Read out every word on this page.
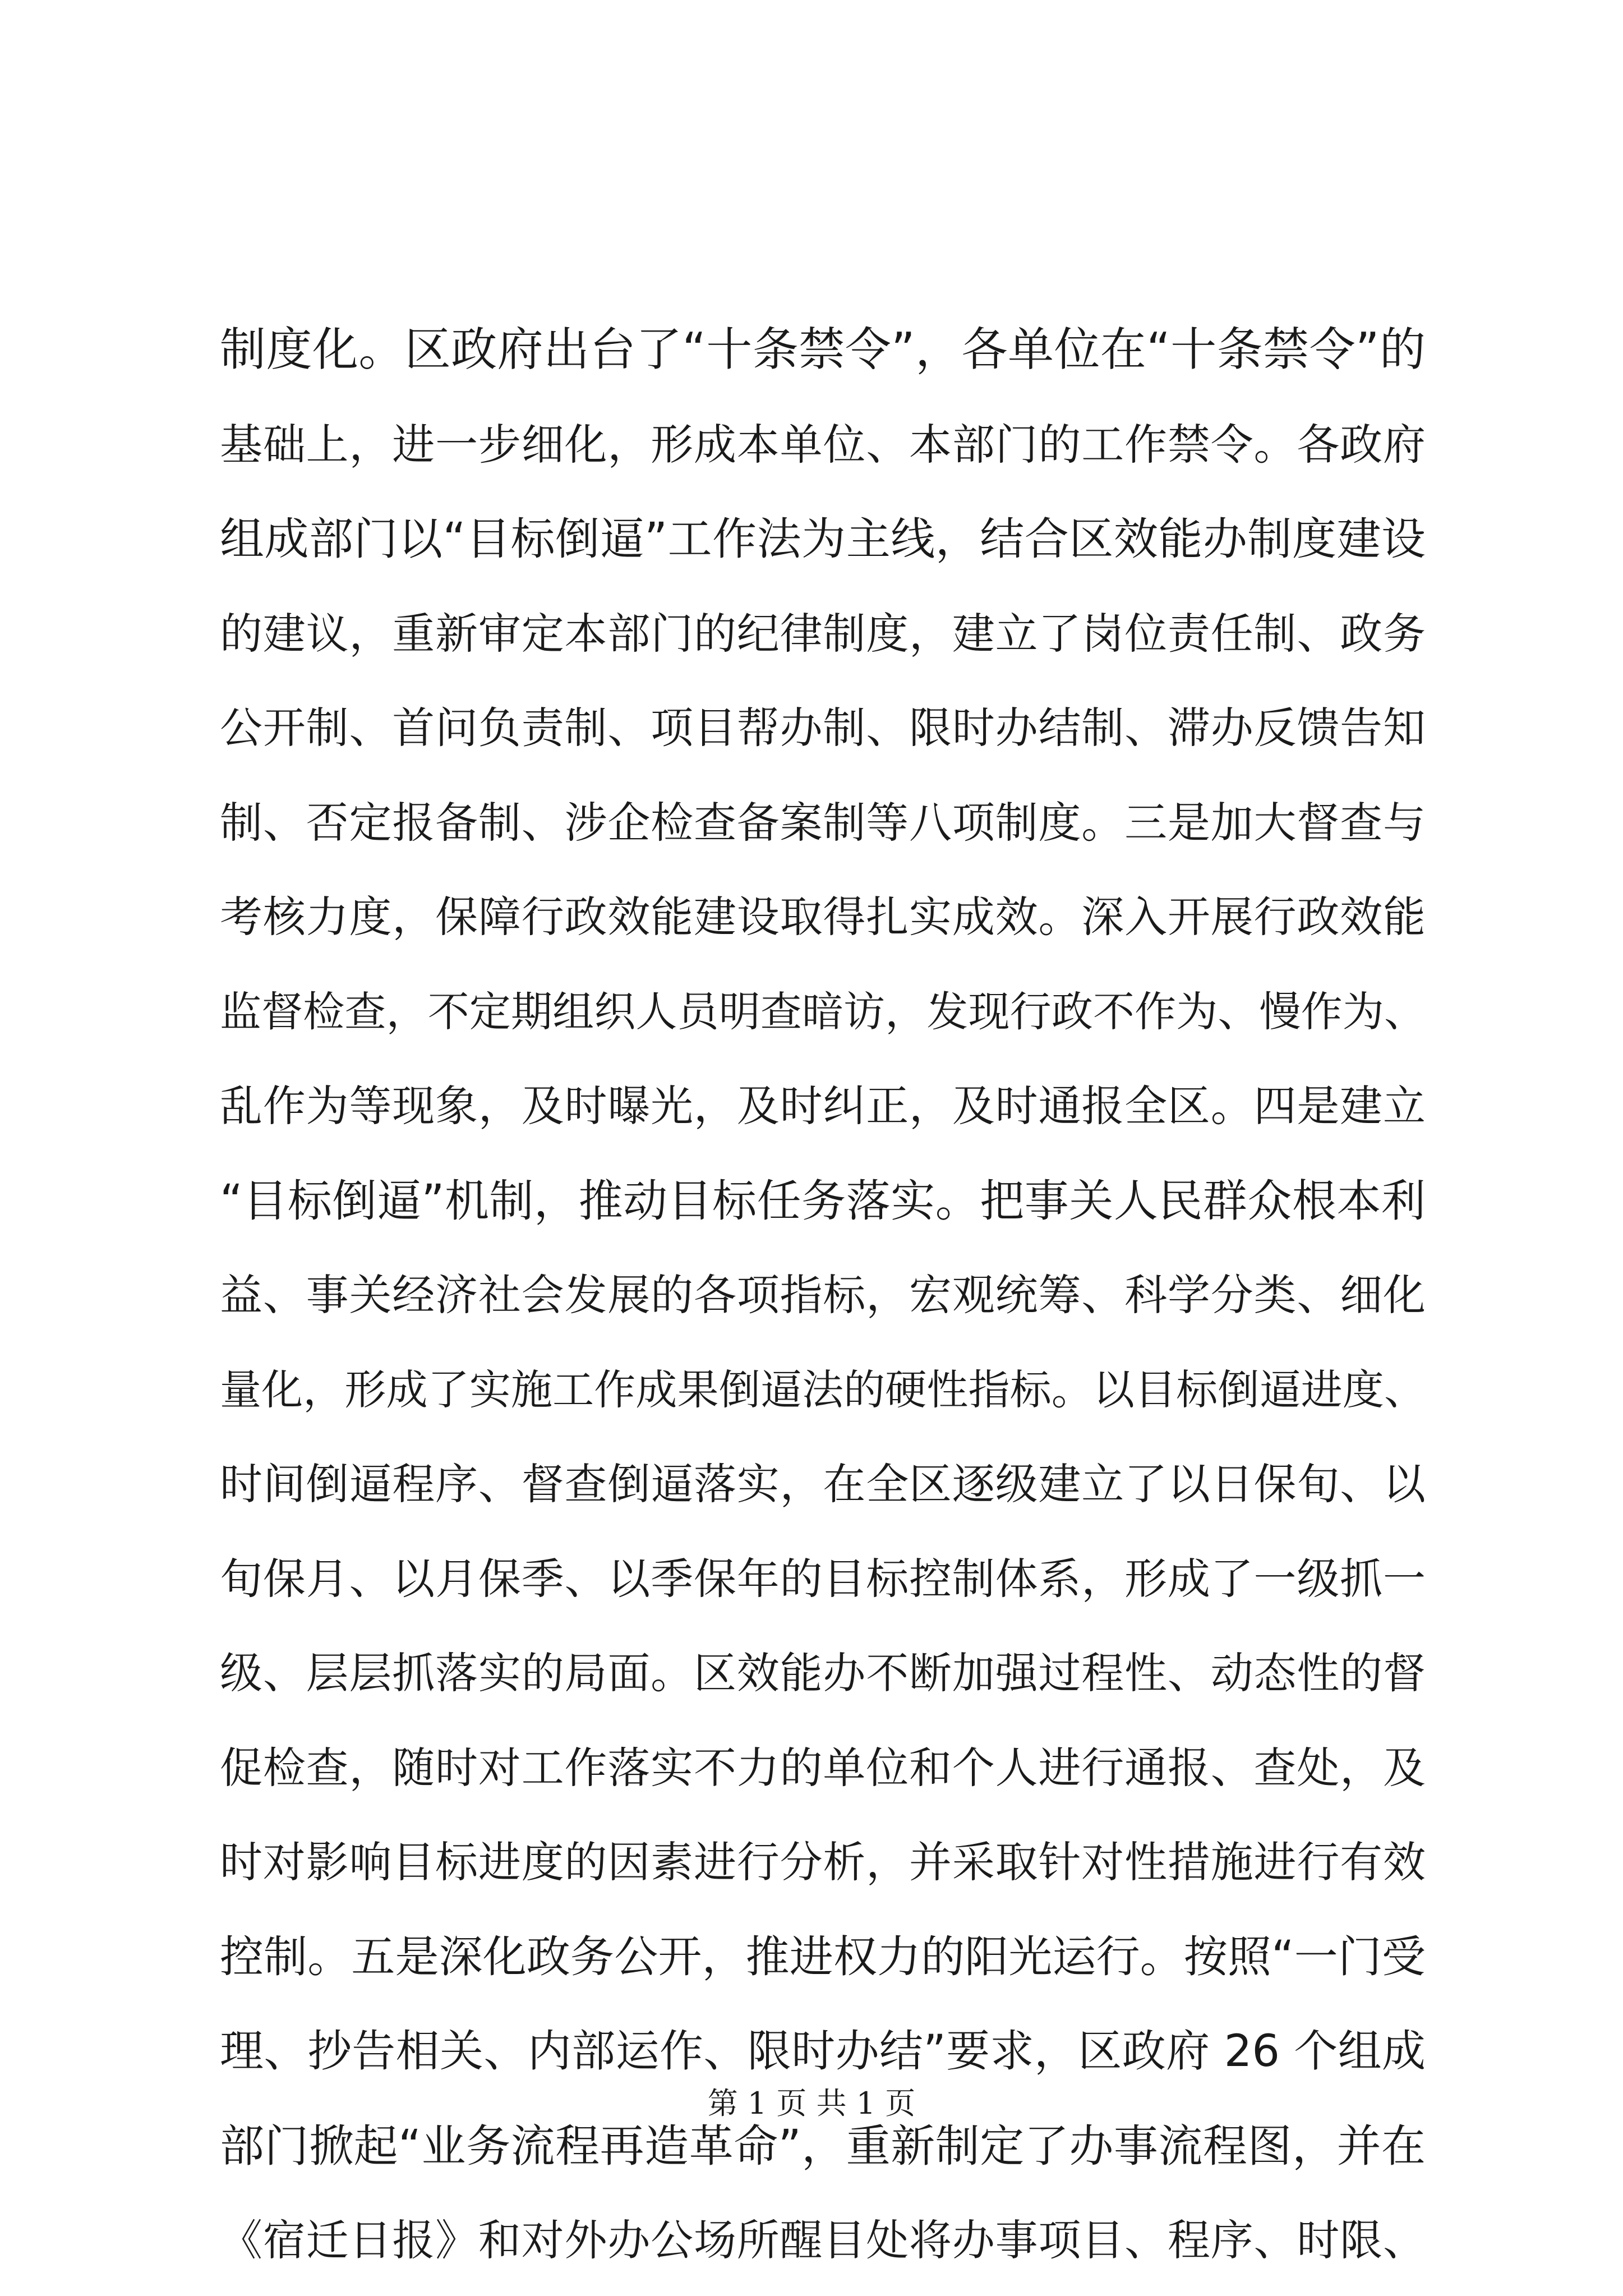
制度化。区政府出台了“十条禁令”，各单位在“十条禁令”的
基础上，进一步细化，形成本单位、本部门的工作禁令。各政府
组成部门以“目标倒逼”工作法为主线，结合区效能办制度建设
的建议，重新审定本部门的纪律制度，建立了岗位责任制、政务
公开制、首问负责制、项目帮办制、限时办结制、滞办反馈告知
制、否定报备制、涉企检查备案制等八项制度。三是加大督查与
考核力度，保障行政效能建设取得扎实成效。深入开展行政效能
监督检查，不定期组织人员明查暗访，发现行政不作为、慢作为、
乱作为等现象，及时曝光，及时纠正，及时通报全区。四是建立
“目标倒逼”机制，推动目标任务落实。把事关人民群众根本利
益、事关经济社会发展的各项指标，宏观统筹、科学分类、细化
量化，形成了实施工作成果倒逼法的硬性指标。以目标倒逼进度、
时间倒逼程序、督查倒逼落实，在全区逐级建立了以日保旬、以
旬保月、以月保季、以季保年的目标控制体系，形成了一级抓一
级、层层抓落实的局面。区效能办不断加强过程性、动态性的督
促检查，随时对工作落实不力的单位和个人进行通报、查处，及
时对影响目标进度的因素进行分析，并采取针对性措施进行有效
控制。五是深化政务公开，推进权力的阳光运行。按照“一门受
理、抄告相关、内部运作、限时办结”要求，区政府 26 个组成
部门掀起“业务流程再造革命”，重新制定了办事流程图，并在
《宿迁日报》和对外办公场所醒目处将办事项目、程序、时限、
第 1 页 共 1 页
